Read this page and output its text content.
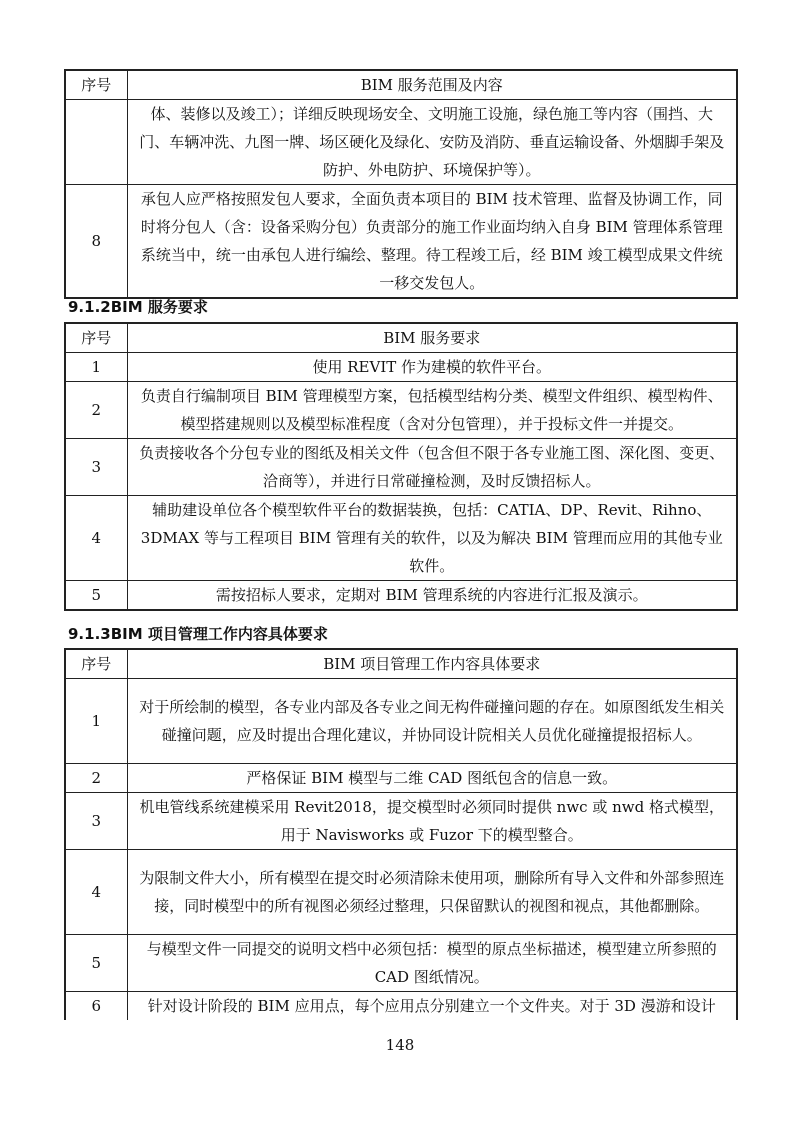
序号	BIM 服务范围及内容
	体、装修以及竣工）；详细反映现场安全、文明施工设施，绿色施工等内容（围挡、大门、车辆冲洗、九图一牌、场区硬化及绿化、安防及消防、垂直运输设备、外烟脚手架及防护、外电防护、环境保护等）。
8	承包人应严格按照发包人要求，全面负责本项目的 BIM 技术管理、监督及协调工作，同时将分包人（含：设备采购分包）负责部分的施工作业面均纳入自身 BIM 管理体系管理系统当中，统一由承包人进行编绘、整理。待工程竣工后，经 BIM 竣工模型成果文件统一移交发包人。
9.1.2BIM 服务要求
序号	BIM 服务要求
1	使用 REVIT 作为建模的软件平台。
2	负责自行编制项目 BIM 管理模型方案，包括模型结构分类、模型文件组织、模型构件、模型搭建规则以及模型标准程度（含对分包管理），并于投标文件一并提交。
3	负责接收各个分包专业的图纸及相关文件（包含但不限于各专业施工图、深化图、变更、洽商等），并进行日常碰撞检测，及时反馈招标人。
4	辅助建设单位各个模型软件平台的数据装换，包括：CATIA、DP、Revit、Rihno、3DMAX 等与工程项目 BIM 管理有关的软件，以及为解决 BIM 管理而应用的其他专业软件。
5	需按招标人要求，定期对 BIM 管理系统的内容进行汇报及演示。
9.1.3BIM 项目管理工作内容具体要求
序号	BIM 项目管理工作内容具体要求
1	对于所绘制的模型，各专业内部及各专业之间无构件碰撞问题的存在。如原图纸发生相关碰撞问题，应及时提出合理化建议，并协同设计院相关人员优化碰撞提报招标人。
2	严格保证 BIM 模型与二维 CAD 图纸包含的信息一致。
3	机电管线系统建模采用 Revit2018，提交模型时必须同时提供 nwc 或 nwd 格式模型，用于 Navisworks 或 Fuzor 下的模型整合。
4	为限制文件大小，所有模型在提交时必须清除未使用项，删除所有导入文件和外部参照连接，同时模型中的所有视图必须经过整理，只保留默认的视图和视点，其他都删除。
5	与模型文件一同提交的说明文档中必须包括：模型的原点坐标描述，模型建立所参照的 CAD 图纸情况。
6	针对设计阶段的 BIM 应用点，每个应用点分别建立一个文件夹。对于 3D 漫游和设计
148
